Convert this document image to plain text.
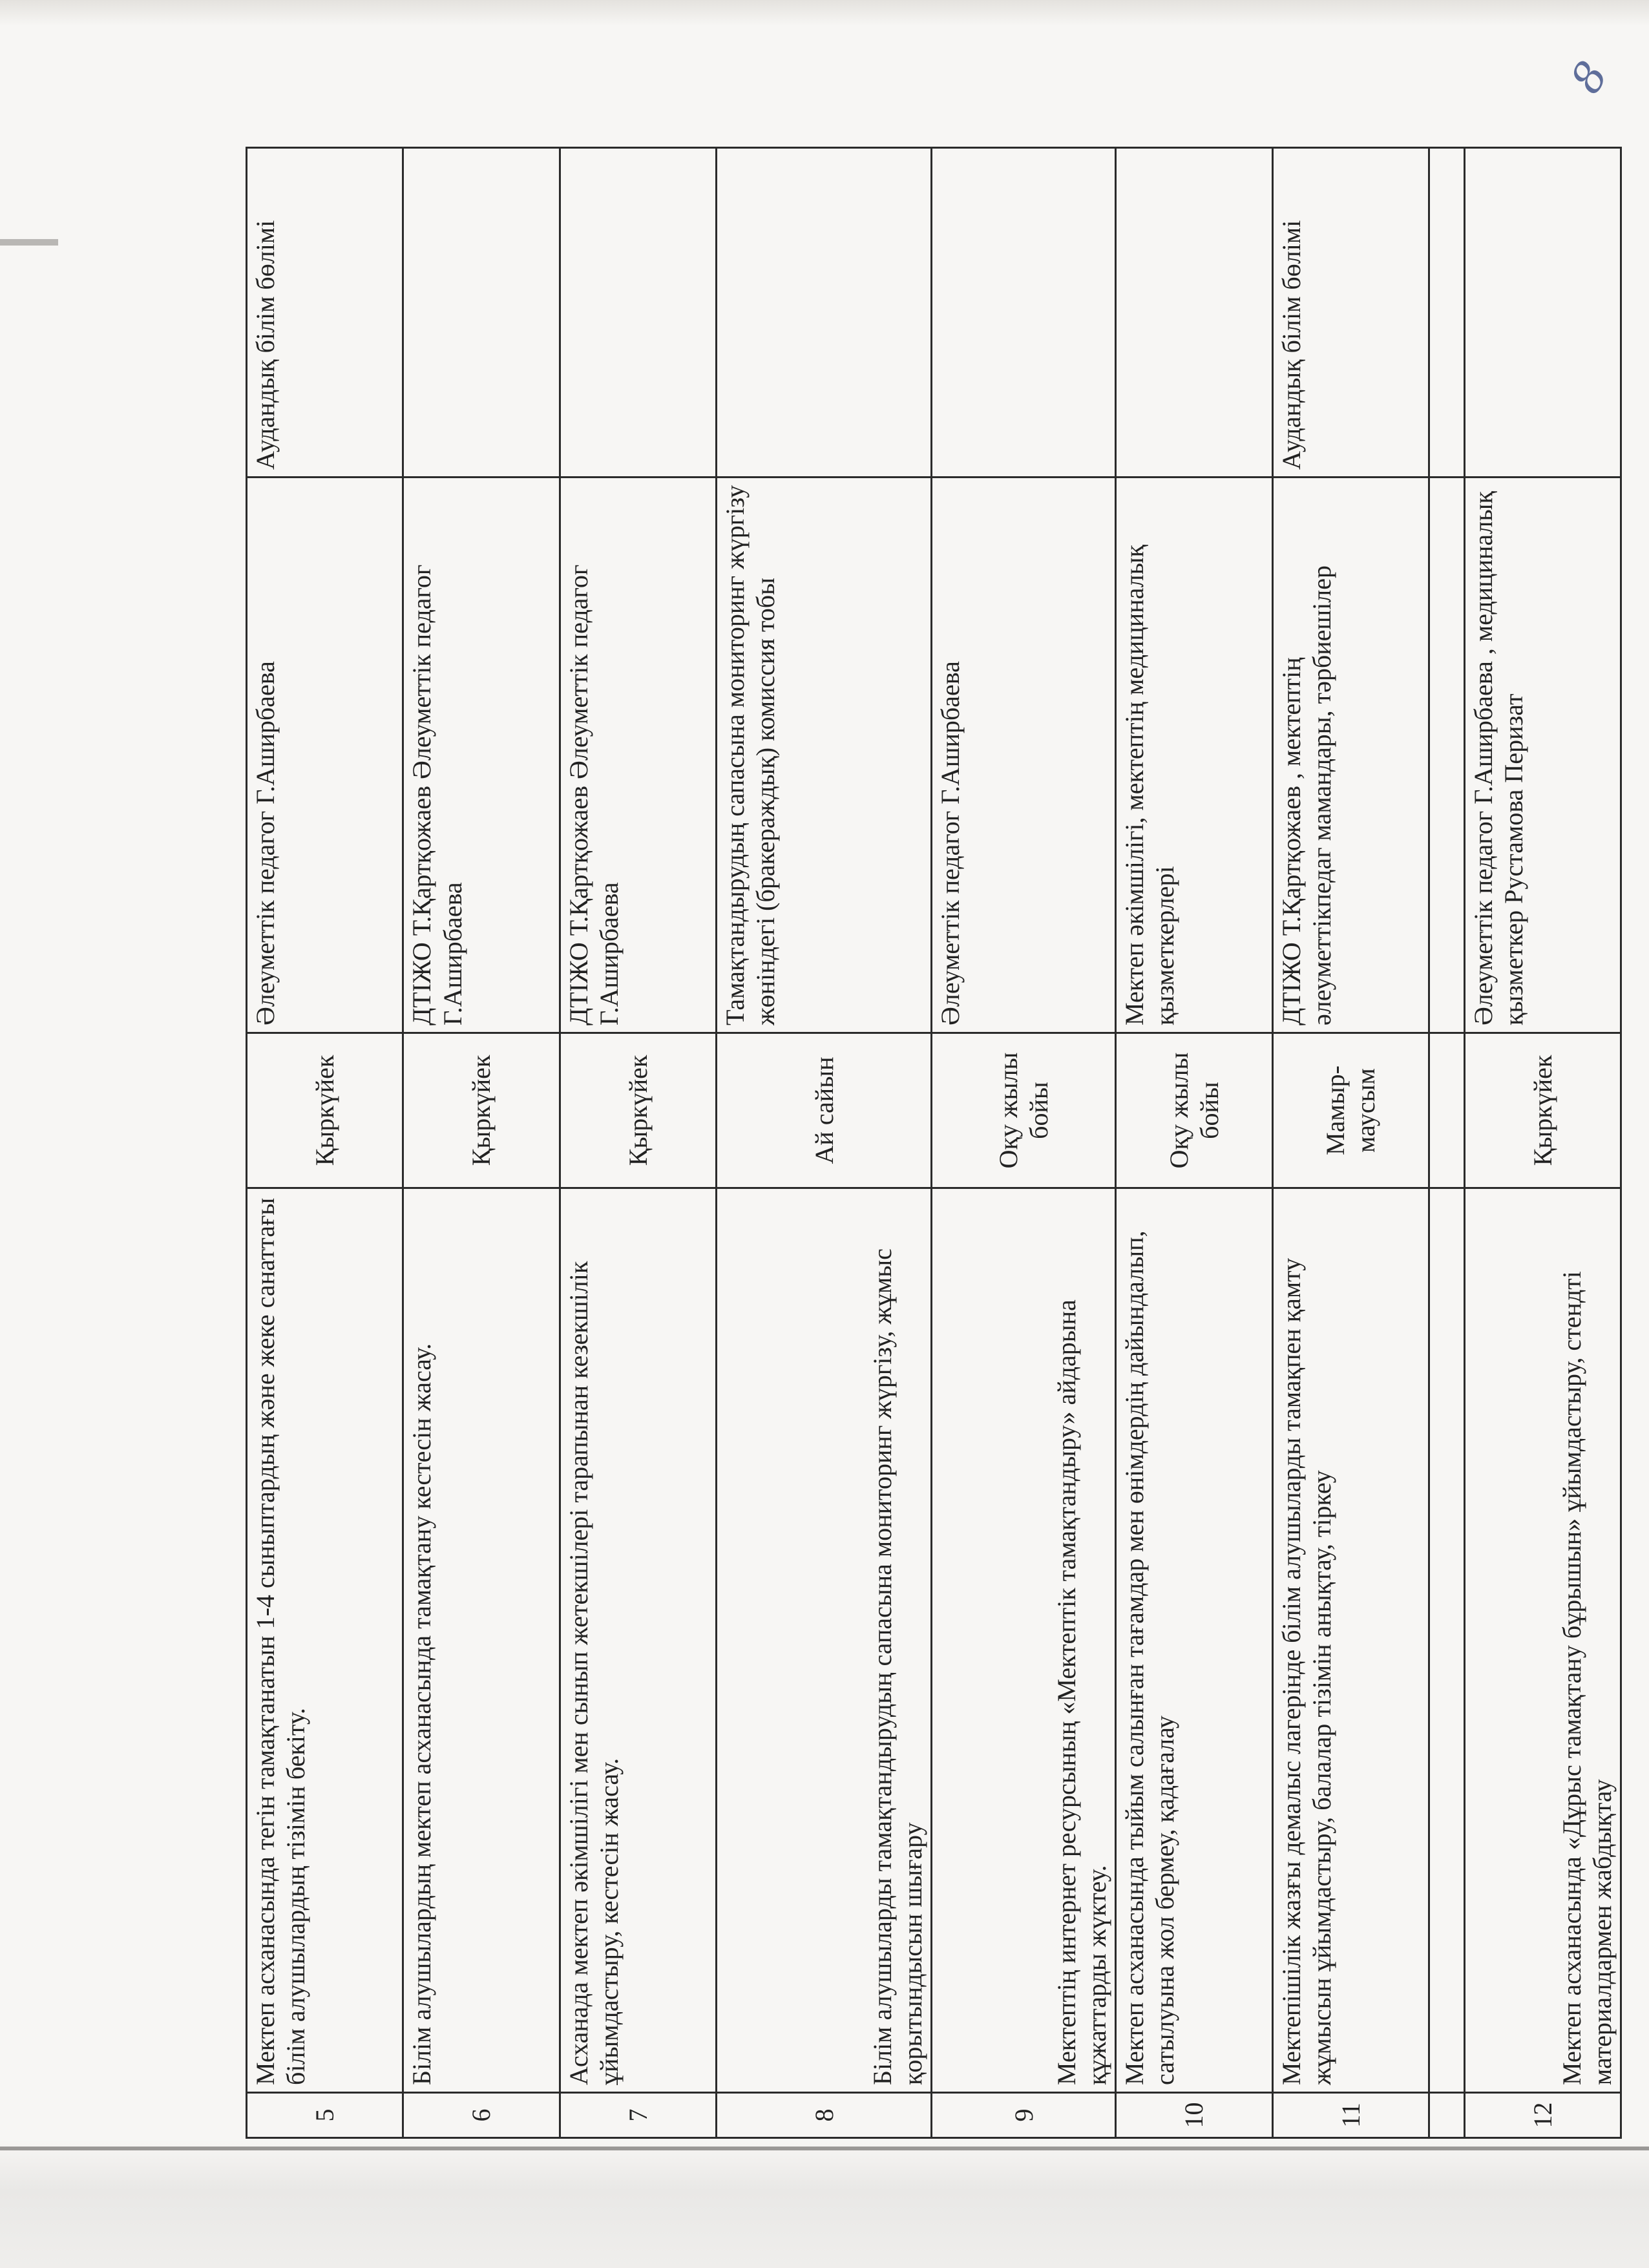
8
5	Мектеп асханасында тегін тамақтанатын 1-4 сыныптардың және жеке санаттағы білім алушылардың тізімін бекіту.	Қыркүйек	Әлеуметтік педагог Г.Аширбаева	Аудандық білім бөлімі
6	Білім алушылардың мектеп асханасында тамақтану кестесін жасау.	Қыркүйек	ДТІЖО Т.Қартқожаев Әлеуметтік педагог Г.Аширбаева	
7	Асханада мектеп әкімшілігі мен сынып жетекшілері тарапынан кезекшілік ұйымдастыру, кестесін жасау.	Қыркүйек	ДТІЖО Т.Қартқожаев Әлеуметтік педагог Г.Аширбаева	
8	Білім алушыларды тамақтандырудың сапасына мониторинг жүргізу, жұмыс қорытындысын шығару	Ай сайын	Тамақтандырудың сапасына мониторинг жүргізу жөніндегі (бракераждық) комиссия тобы	
9	Мектептің интернет ресурсының «Мектептік тамақтандыру» айдарына құжаттарды жүктеу.	Оқу жылы бойы	Әлеуметтік педагог Г.Аширбаева	
10	Мектеп асханасында тыйым салынған тағамдар мен өнімдердің дайындалып, сатылуына жол бермеу, қадағалау	Оқу жылы бойы	Мектеп әкімшілігі, мектептің медициналық қызметкерлері	
11	Мектепішілік жазғы демалыс лагерінде білім алушыларды тамақпен қамту жұмысын ұйымдастыру, балалар тізімін анықтау, тіркеу	Мамыр-маусым	ДТІЖО Т.Қартқожаев , мектептің әлеуметтікпедаг мамандары, тәрбиешілер	Аудандық білім бөлімі

12	Мектеп асханасында «Дұрыс тамақтану бұрышын» ұйымдастыру, стендті материалдармен жабдықтау	Қыркүйек	Әлеуметтік педагог Г.Аширбаева , медициналық қызметкер Рустамова Перизат	
